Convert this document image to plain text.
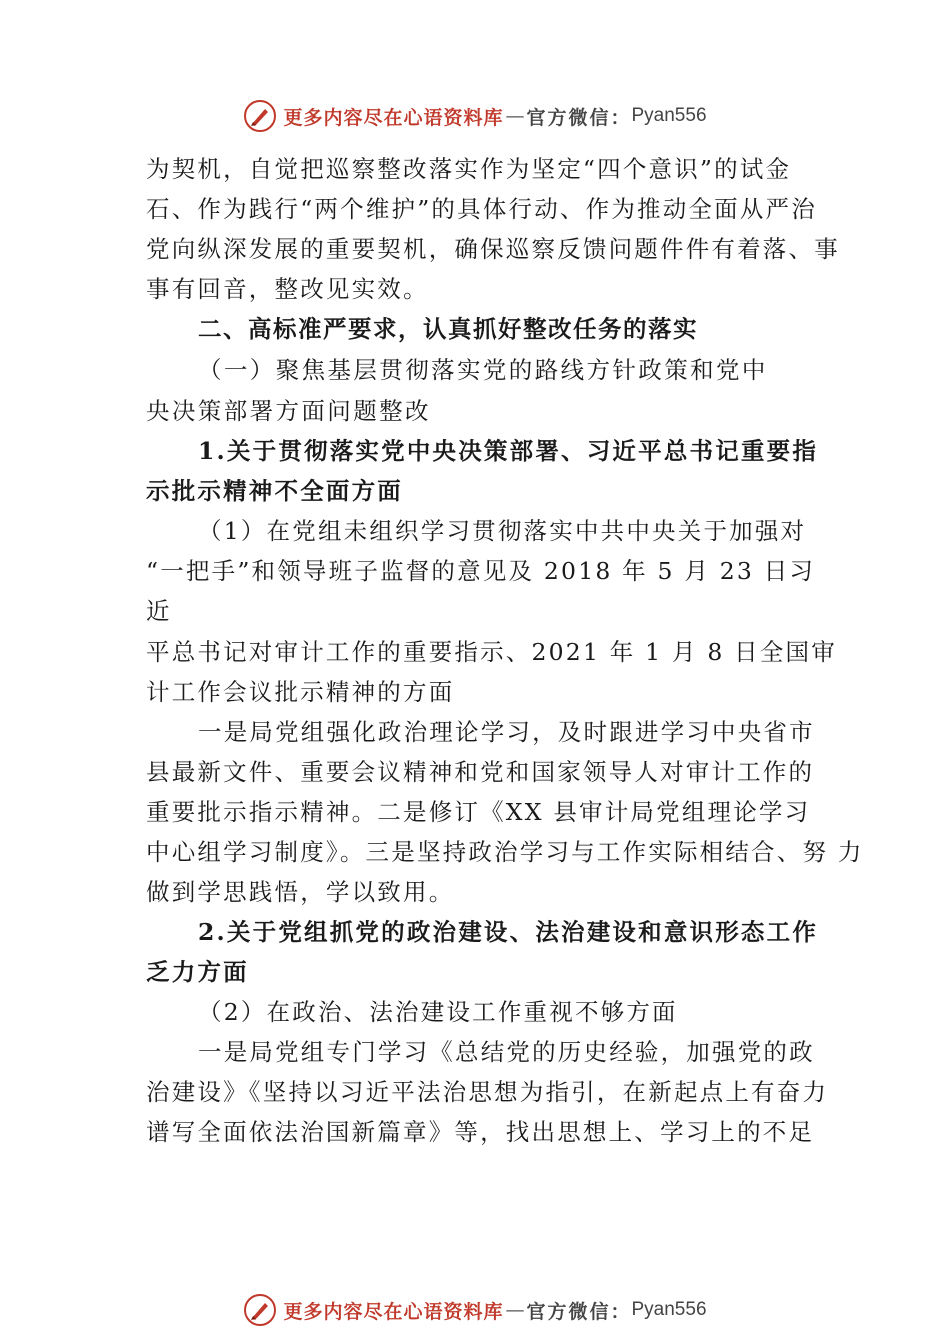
更多内容尽在心语资料库 — 官方微信： Pyan556
为契机，自觉把巡察整改落实作为坚定“四个意识”的试金
石、作为践行“两个维护”的具体行动、作为推动全面从严治
党向纵深发展的重要契机，确保巡察反馈问题件件有着落、事
事有回音，整改见实效。
二、高标准严要求，认真抓好整改任务的落实
（一）聚焦基层贯彻落实党的路线方针政策和党中
央决策部署方面问题整改
1.关于贯彻落实党中央决策部署、习近平总书记重要指
示批示精神不全面方面
（1）在党组未组织学习贯彻落实中共中央关于加强对
“一把手”和领导班子监督的意见及 2018 年 5 月 23 日习
近
平总书记对审计工作的重要指示、2021 年 1 月 8 日全国审
计工作会议批示精神的方面
一是局党组强化政治理论学习，及时跟进学习中央省市
县最新文件、重要会议精神和党和国家领导人对审计工作的
重要批示指示精神。二是修订《XX 县审计局党组理论学习
中心组学习制度》。三是坚持政治学习与工作实际相结合、努 力
做到学思践悟，学以致用。
2.关于党组抓党的政治建设、法治建设和意识形态工作
乏力方面
（2）在政治、法治建设工作重视不够方面
一是局党组专门学习《总结党的历史经验，加强党的政
治建设》《坚持以习近平法治思想为指引，在新起点上有奋力
谱写全面依法治国新篇章》等，找出思想上、学习上的不足
更多内容尽在心语资料库 — 官方微信： Pyan556
